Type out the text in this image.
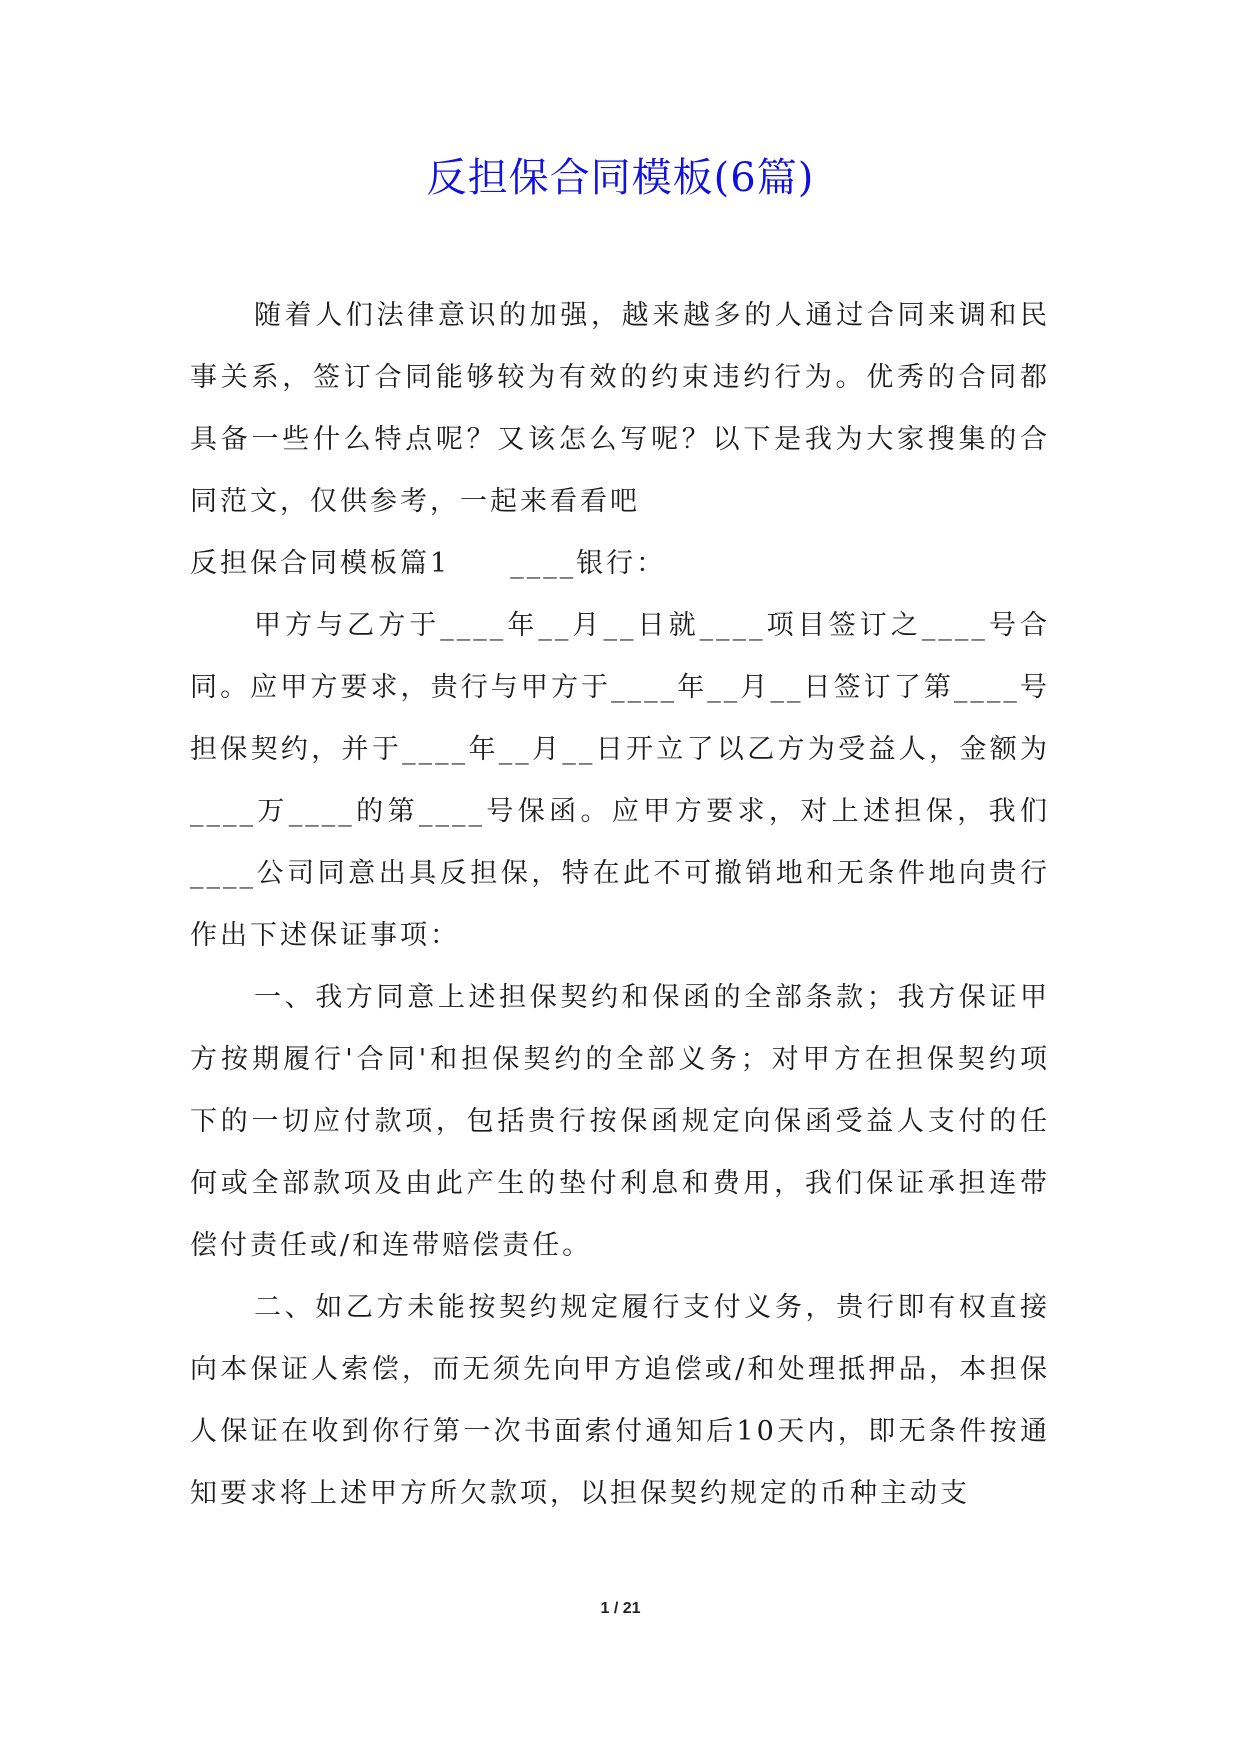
反担保合同模板(6篇)

随着人们法律意识的加强，越来越多的人通过合同来调和民事关系，签订合同能够较为有效的约束违约行为。优秀的合同都具备一些什么特点呢？又该怎么写呢？以下是我为大家搜集的合同范文，仅供参考，一起来看看吧

反担保合同模板篇1 ____银行：

甲方与乙方于____年__月__日就____项目签订之____号合同。应甲方要求，贵行与甲方于____年__月__日签订了第____号担保契约，并于____年__月__日开立了以乙方为受益人，金额为____万____的第____号保函。应甲方要求，对上述担保，我们____公司同意出具反担保，特在此不可撤销地和无条件地向贵行作出下述保证事项：

一、我方同意上述担保契约和保函的全部条款；我方保证甲方按期履行'合同'和担保契约的全部义务；对甲方在担保契约项下的一切应付款项，包括贵行按保函规定向保函受益人支付的任何或全部款项及由此产生的垫付利息和费用，我们保证承担连带偿付责任或/和连带赔偿责任。

二、如乙方未能按契约规定履行支付义务，贵行即有权直接向本保证人索偿，而无须先向甲方追偿或/和处理抵押品，本担保人保证在收到你行第一次书面索付通知后10天内，即无条件按通知要求将上述甲方所欠款项，以担保契约规定的币种主动支

1 / 21
